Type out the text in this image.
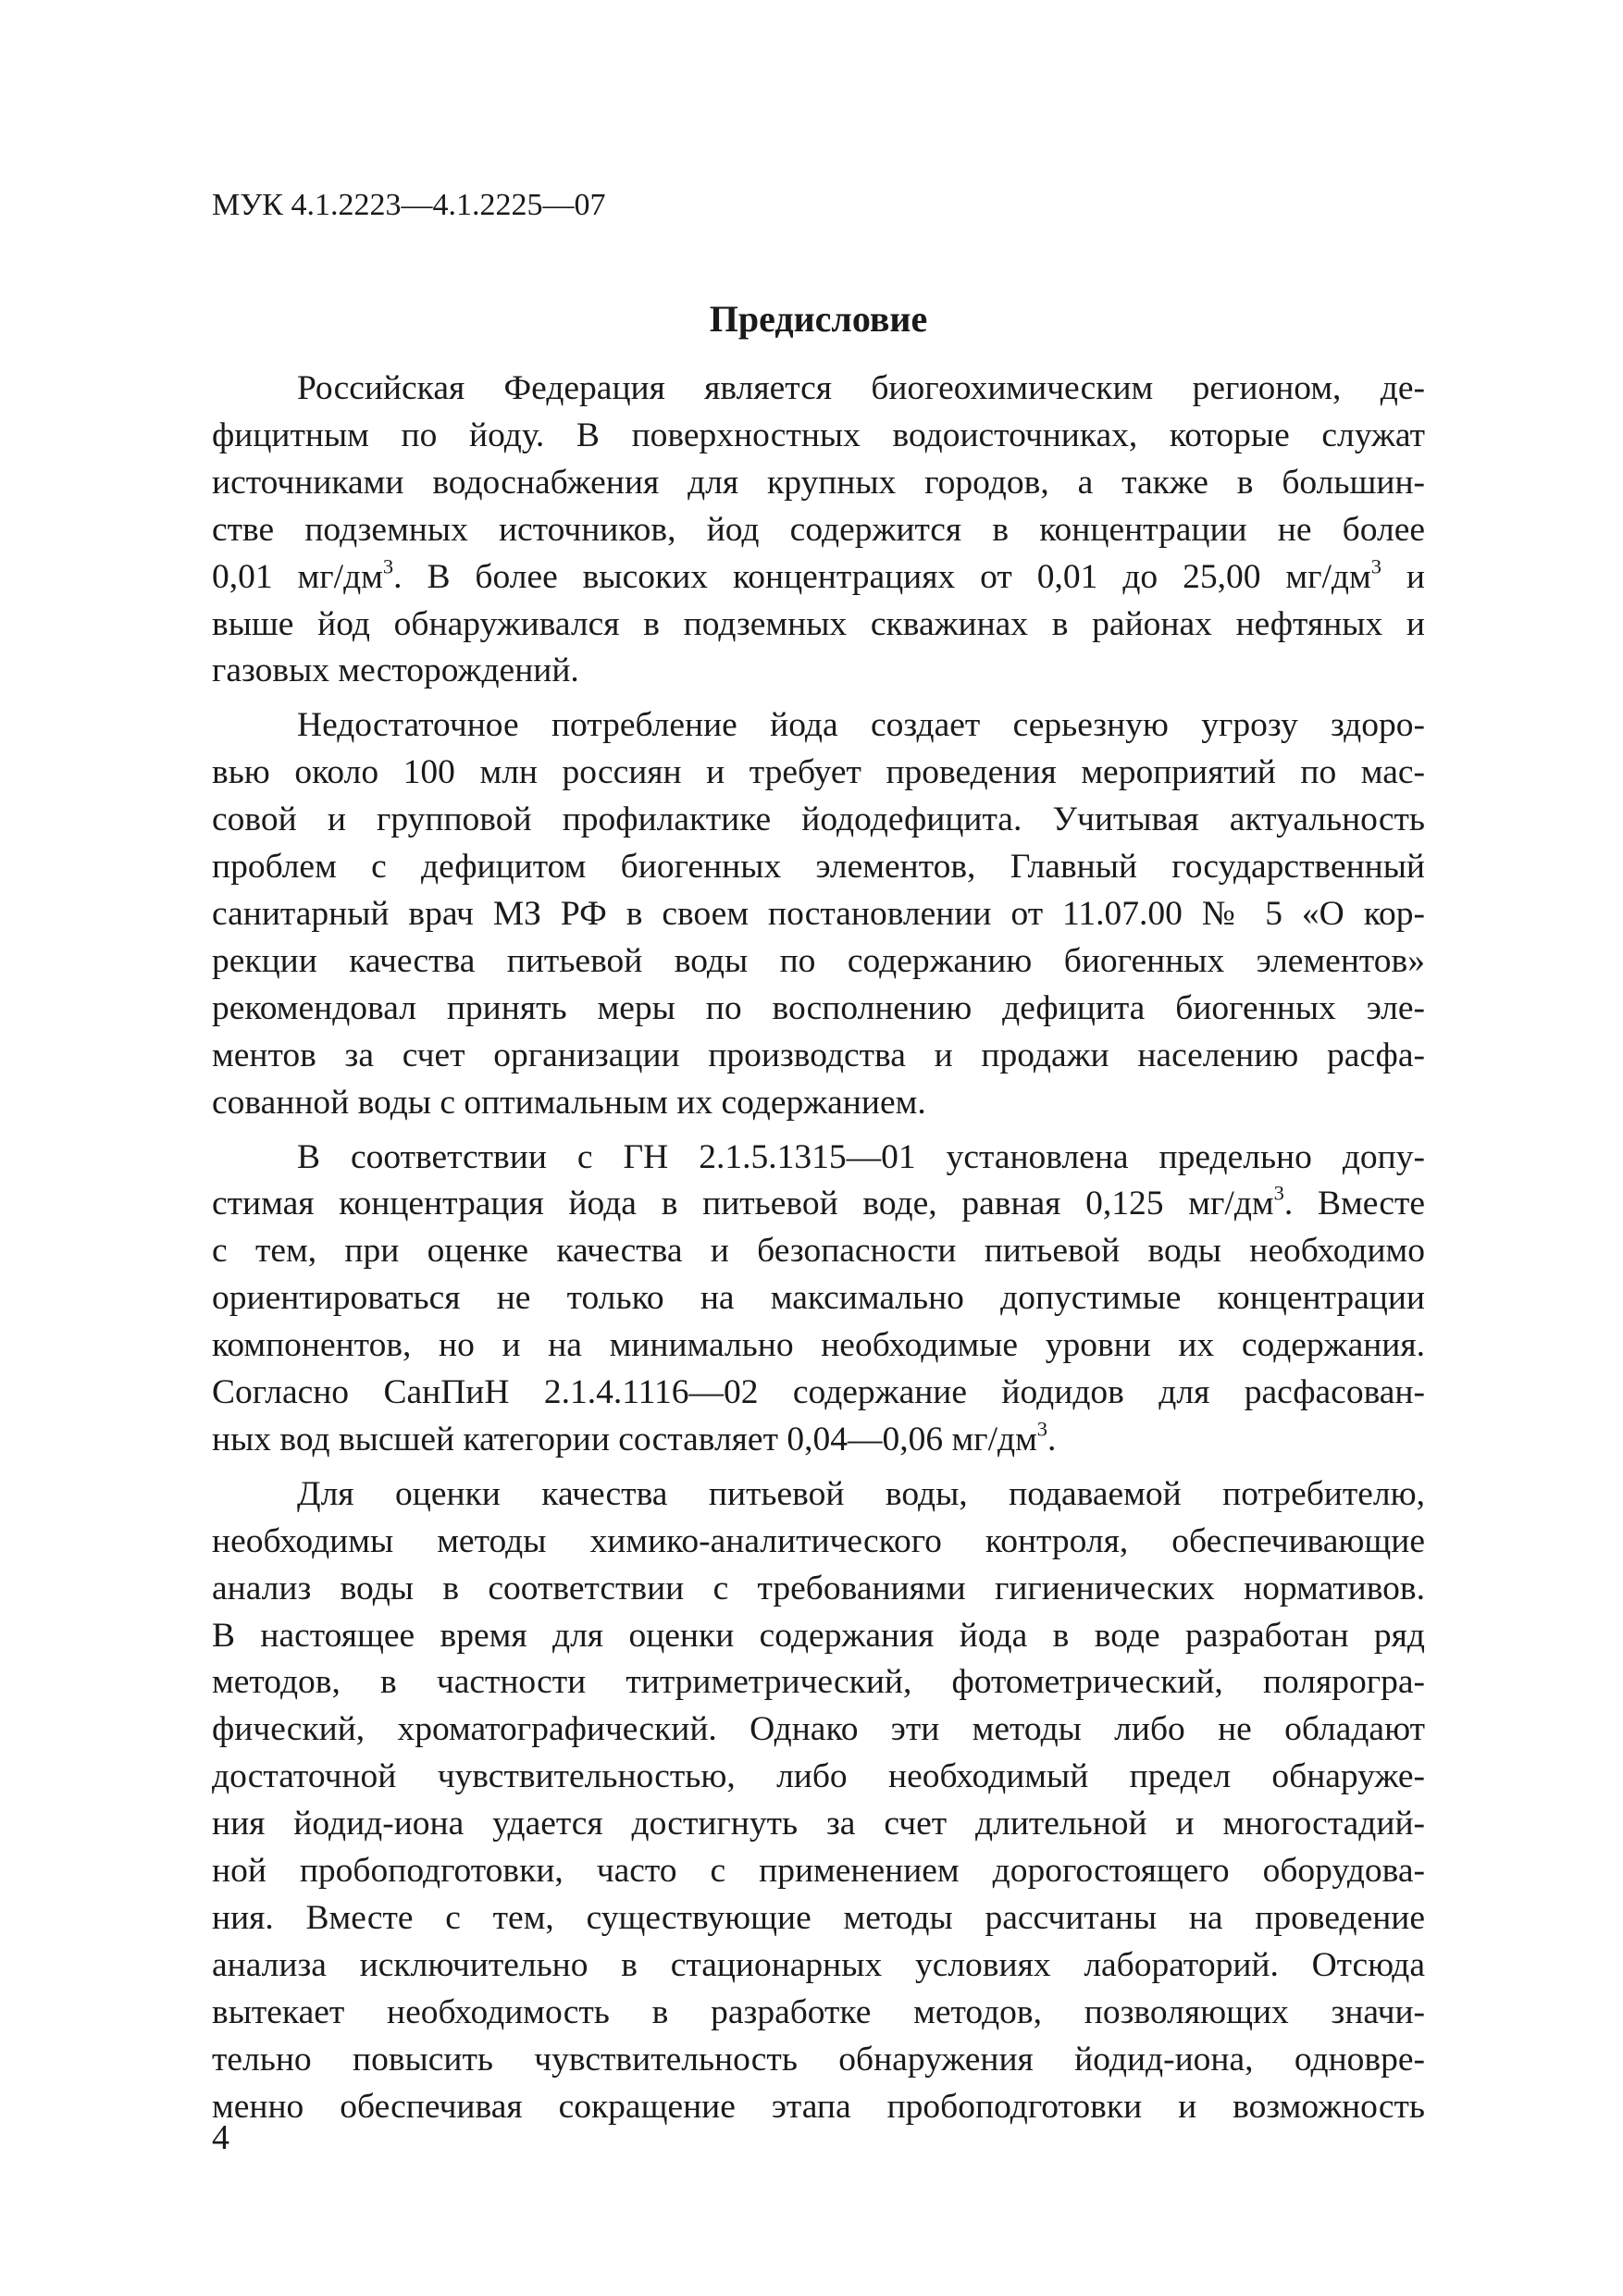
МУК 4.1.2223—4.1.2225—07
Предисловие
Российская Федерация является биогеохимическим регионом, де-
фицитным по йоду. В поверхностных водоисточниках, которые служат
источниками водоснабжения для крупных городов, а также в большин-
стве подземных источников, йод содержится в концентрации не более
0,01 $мг/дм^3$. В более высоких концентрациях от 0,01 до 25,00 $мг/дм^3$ и
выше йод обнаруживался в подземных скважинах в районах нефтяных и
газовых месторождений.
Недостаточное потребление йода создает серьезную угрозу здоро-
вью около 100 млн россиян и требует проведения мероприятий по мас-
совой и групповой профилактике йододефицита. Учитывая актуальность
проблем с дефицитом биогенных элементов, Главный государственный
санитарный врач МЗ РФ в своем постановлении от 11.07.00 № 5 «О кор-
рекции качества питьевой воды по содержанию биогенных элементов»
рекомендовал принять меры по восполнению дефицита биогенных эле-
ментов за счет организации производства и продажи населению расфа-
сованной воды с оптимальным их содержанием.
В соответствии с ГН 2.1.5.1315—01 установлена предельно допу-
стимая концентрация йода в питьевой воде, равная 0,125 $мг/дм^3$. Вместе
с тем, при оценке качества и безопасности питьевой воды необходимо
ориентироваться не только на максимально допустимые концентрации
компонентов, но и на минимально необходимые уровни их содержания.
Согласно СанПиН 2.1.4.1116—02 содержание йодидов для расфасован-
ных вод высшей категории составляет 0,04—0,06 $мг/дм^3$.
Для оценки качества питьевой воды, подаваемой потребителю,
необходимы методы химико-аналитического контроля, обеспечивающие
анализ воды в соответствии с требованиями гигиенических нормативов.
В настоящее время для оценки содержания йода в воде разработан ряд
методов, в частности титриметрический, фотометрический, полярогра-
фический, хроматографический. Однако эти методы либо не обладают
достаточной чувствительностью, либо необходимый предел обнаруже-
ния йодид-иона удается достигнуть за счет длительной и многостадий-
ной пробоподготовки, часто с применением дорогостоящего оборудова-
ния. Вместе с тем, существующие методы рассчитаны на проведение
анализа исключительно в стационарных условиях лабораторий. Отсюда
вытекает необходимость в разработке методов, позволяющих значи-
тельно повысить чувствительность обнаружения йодид-иона, одновре-
менно обеспечивая сокращение этапа пробоподготовки и возможность
4
